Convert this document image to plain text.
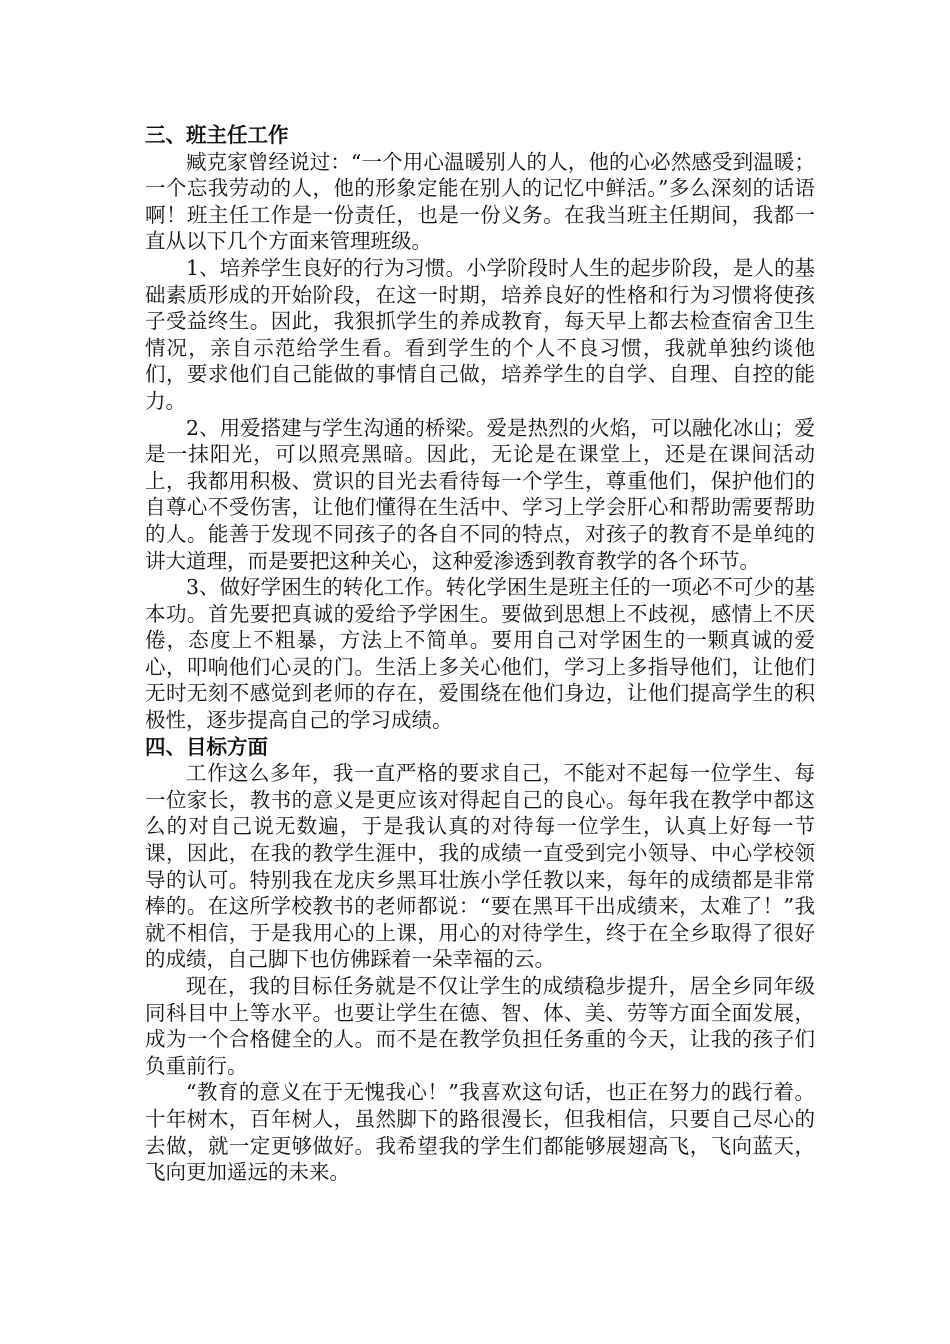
三、班主任工作

臧克家曾经说过：“一个用心温暖别人的人，他的心必然感受到温暖；一个忘我劳动的人，他的形象定能在别人的记忆中鲜活。”多么深刻的话语啊！班主任工作是一份责任，也是一份义务。在我当班主任期间，我都一直从以下几个方面来管理班级。

1、培养学生良好的行为习惯。小学阶段时人生的起步阶段，是人的基础素质形成的开始阶段，在这一时期，培养良好的性格和行为习惯将使孩子受益终生。因此，我狠抓学生的养成教育，每天早上都去检查宿舍卫生情况，亲自示范给学生看。看到学生的个人不良习惯，我就单独约谈他们，要求他们自己能做的事情自己做，培养学生的自学、自理、自控的能力。

2、用爱搭建与学生沟通的桥梁。爱是热烈的火焰，可以融化冰山；爱是一抹阳光，可以照亮黑暗。因此，无论是在课堂上，还是在课间活动上，我都用积极、赏识的目光去看待每一个学生，尊重他们，保护他们的自尊心不受伤害，让他们懂得在生活中、学习上学会肝心和帮助需要帮助的人。能善于发现不同孩子的各自不同的特点，对孩子的教育不是单纯的讲大道理，而是要把这种关心，这种爱渗透到教育教学的各个环节。

3、做好学困生的转化工作。转化学困生是班主任的一项必不可少的基本功。首先要把真诚的爱给予学困生。要做到思想上不歧视，感情上不厌倦，态度上不粗暴，方法上不简单。要用自己对学困生的一颗真诚的爱心，叩响他们心灵的门。生活上多关心他们，学习上多指导他们，让他们无时无刻不感觉到老师的存在，爱围绕在他们身边，让他们提高学生的积极性，逐步提高自己的学习成绩。

四、目标方面

工作这么多年，我一直严格的要求自己，不能对不起每一位学生、每一位家长，教书的意义是更应该对得起自己的良心。每年我在教学中都这么的对自己说无数遍，于是我认真的对待每一位学生，认真上好每一节课，因此，在我的教学生涯中，我的成绩一直受到完小领导、中心学校领导的认可。特别我在龙庆乡黑耳壮族小学任教以来，每年的成绩都是非常棒的。在这所学校教书的老师都说：“要在黑耳干出成绩来，太难了！”我就不相信，于是我用心的上课，用心的对待学生，终于在全乡取得了很好的成绩，自己脚下也仿佛踩着一朵幸福的云。

现在，我的目标任务就是不仅让学生的成绩稳步提升，居全乡同年级同科目中上等水平。也要让学生在德、智、体、美、劳等方面全面发展，成为一个合格健全的人。而不是在教学负担任务重的今天，让我的孩子们负重前行。

“教育的意义在于无愧我心！”我喜欢这句话，也正在努力的践行着。十年树木，百年树人，虽然脚下的路很漫长，但我相信，只要自己尽心的去做，就一定更够做好。我希望我的学生们都能够展翅高飞，飞向蓝天，飞向更加遥远的未来。
